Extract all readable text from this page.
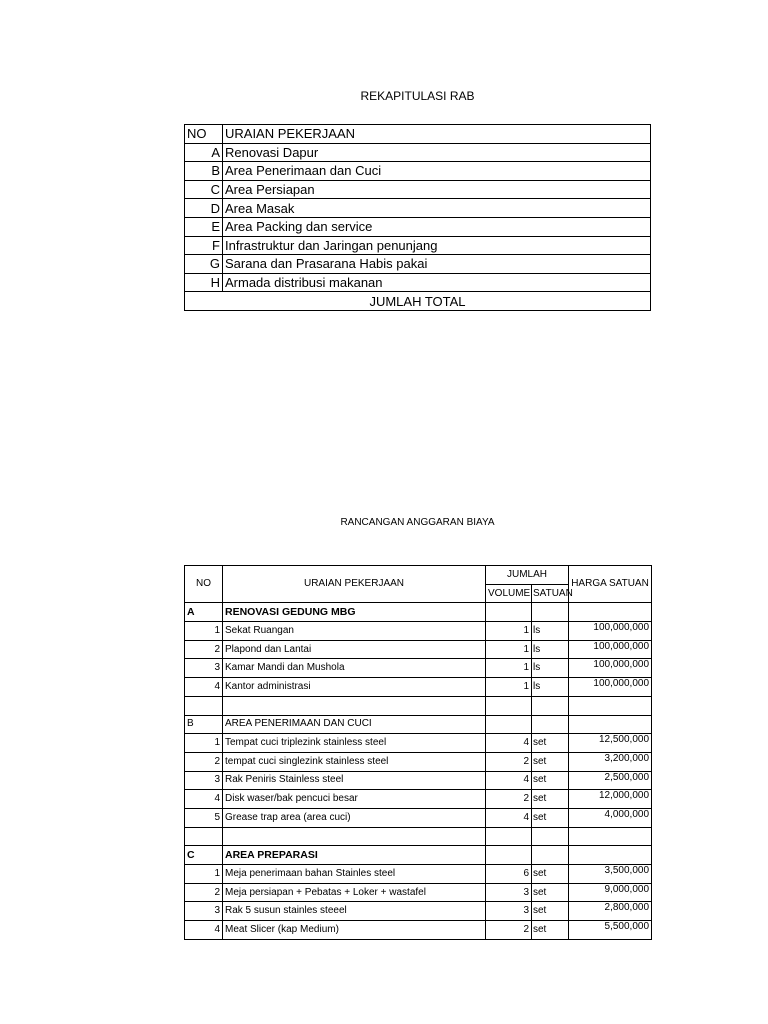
REKAPITULASI RAB
NO	URAIAN PEKERJAAN
A	Renovasi Dapur
B	Area Penerimaan dan Cuci
C	Area Persiapan
D	Area Masak
E	Area Packing dan service
F	Infrastruktur dan Jaringan penunjang
G	Sarana dan Prasarana Habis pakai
H	Armada distribusi makanan
JUMLAH TOTAL	
RANCANGAN ANGGARAN BIAYA
NO	URAIAN PEKERJAAN	JUMLAH		HARGA SATUAN
		VOLUME	SATUAN	
A	RENOVASI GEDUNG MBG			
1	Sekat Ruangan	1	ls	100,000,000
2	Plapond dan Lantai	1	ls	100,000,000
3	Kamar Mandi dan Mushola	1	ls	100,000,000
4	Kantor administrasi	1	ls	100,000,000

B	AREA PENERIMAAN DAN CUCI			
1	Tempat cuci triplezink stainless steel	4	set	12,500,000
2	tempat cuci singlezink stainless steel	2	set	3,200,000
3	Rak Peniris Stainless steel	4	set	2,500,000
4	Disk waser/bak pencuci besar	2	set	12,000,000
5	Grease trap area (area cuci)	4	set	4,000,000

C	AREA PREPARASI			
1	Meja penerimaan bahan Stainles steel	6	set	3,500,000
2	Meja persiapan + Pebatas + Loker + wastafel	3	set	9,000,000
3	Rak 5 susun stainles steeel	3	set	2,800,000
4	Meat Slicer (kap Medium)	2	set	5,500,000
